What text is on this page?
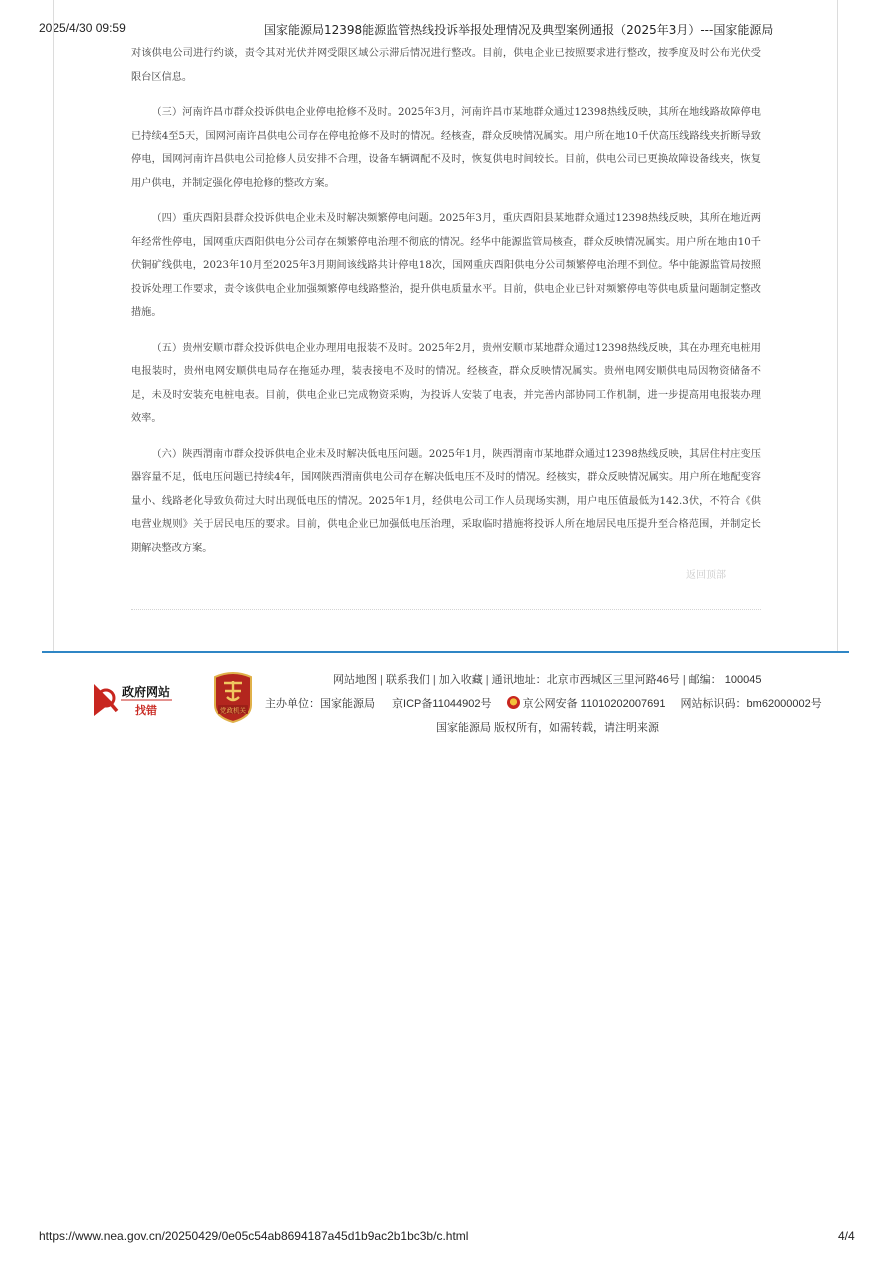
2025/4/30 09:59	国家能源局12398能源监管热线投诉举报处理情况及典型案例通报（2025年3月）---国家能源局

对该供电公司进行约谈，责令其对光伏并网受限区域公示滞后情况进行整改。目前，供电企业已按照要求进行整改，按季度及时公布光伏受限台区信息。

（三）河南许昌市群众投诉供电企业停电抢修不及时。2025年3月，河南许昌市某地群众通过12398热线反映，其所在地线路故障停电已持续4至5天，国网河南许昌供电公司存在停电抢修不及时的情况。经核查，群众反映情况属实。用户所在地10千伏高压线路线夹折断导致停电，国网河南许昌供电公司抢修人员安排不合理，设备车辆调配不及时，恢复供电时间较长。目前，供电公司已更换故障设备线夹，恢复用户供电，并制定强化停电抢修的整改方案。

（四）重庆酉阳县群众投诉供电企业未及时解决频繁停电问题。2025年3月，重庆酉阳县某地群众通过12398热线反映，其所在地近两年经常性停电，国网重庆酉阳供电分公司存在频繁停电治理不彻底的情况。经华中能源监管局核查，群众反映情况属实。用户所在地由10千伏铜矿线供电，2023年10月至2025年3月期间该线路共计停电18次，国网重庆酉阳供电分公司频繁停电治理不到位。华中能源监管局按照投诉处理工作要求，责令该供电企业加强频繁停电线路整治，提升供电质量水平。目前，供电企业已针对频繁停电等供电质量问题制定整改措施。

（五）贵州安顺市群众投诉供电企业办理用电报装不及时。2025年2月，贵州安顺市某地群众通过12398热线反映，其在办理充电桩用电报装时，贵州电网安顺供电局存在拖延办理，装表接电不及时的情况。经核查，群众反映情况属实。贵州电网安顺供电局因物资储备不足，未及时安装充电桩电表。目前，供电企业已完成物资采购，为投诉人安装了电表，并完善内部协同工作机制，进一步提高用电报装办理效率。

（六）陕西渭南市群众投诉供电企业未及时解决低电压问题。2025年1月，陕西渭南市某地群众通过12398热线反映，其居住村庄变压器容量不足，低电压问题已持续4年，国网陕西渭南供电公司存在解决低电压不及时的情况。经核实，群众反映情况属实。用户所在地配变容量小、线路老化导致负荷过大时出现低电压的情况。2025年1月，经供电公司工作人员现场实测，用户电压值最低为142.3伏，不符合《供电营业规则》关于居民电压的要求。目前，供电企业已加强低电压治理，采取临时措施将投诉人所在地居民电压提升至合格范围，并制定长期解决整改方案。

返回顶部
政府网站
找错	党政机关
网站地图 | 联系我们 | 加入收藏 | 通讯地址：北京市西城区三里河路46号 | 邮编： 100045
主办单位：国家能源局 京ICP备11044902号	京公网安备 11010202007691 网站标识码：bm62000002号
国家能源局 版权所有，如需转载，请注明来源
https://www.nea.gov.cn/20250429/0e05c54ab8694187a45d1b9ac2b1bc3b/c.html	4/4
